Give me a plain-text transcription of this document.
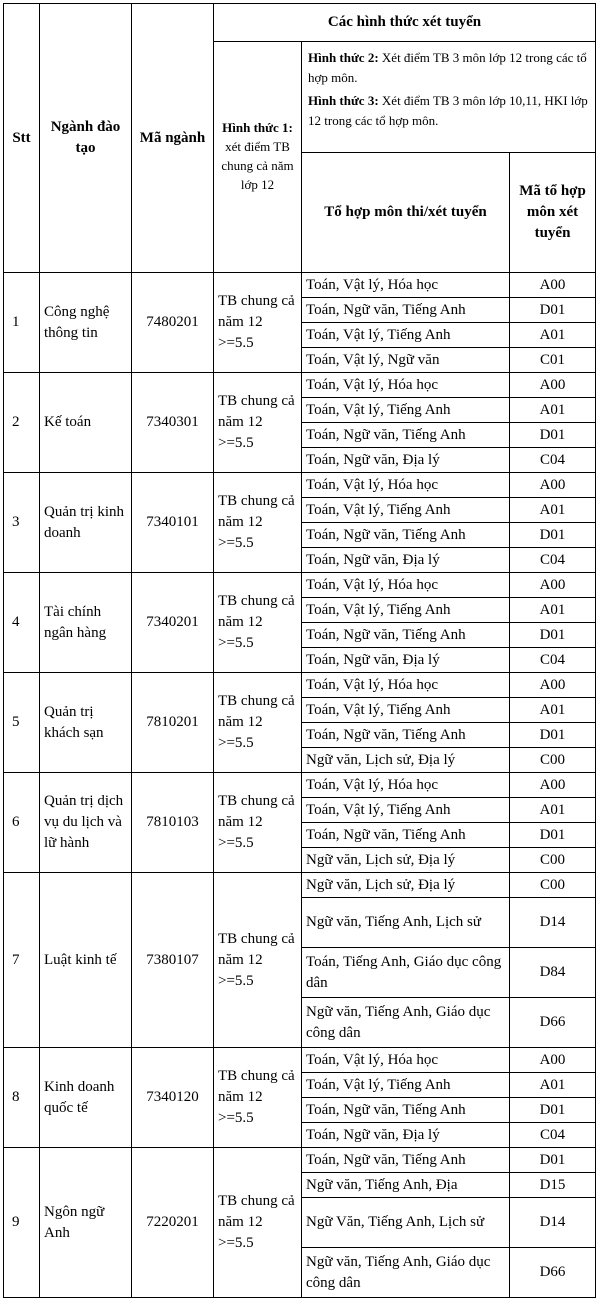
Stt	Ngành đào tạo	Mã ngành	Các hình thức xét tuyển		
			Hình thức 1: xét điểm TB chung cả năm lớp 12	Hình thức 2: Xét điểm TB 3 môn lớp 12 trong các tổ hợp môn.
Hình thức 3: Xét điểm TB 3 môn lớp 10,11, HKI lớp 12 trong các tổ hợp môn.	

				Tổ hợp môn thi/xét tuyển	Mã tổ hợp môn xét tuyển
1	Công nghệ thông tin	7480201	TB chung cả năm 12 >=5.5	Toán, Vật lý, Hóa học	A00
				Toán, Ngữ văn, Tiếng Anh	D01
				Toán, Vật lý, Tiếng Anh	A01
				Toán, Vật lý, Ngữ văn	C01
2	Kế toán	7340301	TB chung cả năm 12 >=5.5	Toán, Vật lý, Hóa học	A00
				Toán, Vật lý, Tiếng Anh	A01
				Toán, Ngữ văn, Tiếng Anh	D01
				Toán, Ngữ văn, Địa lý	C04
3	Quản trị kinh doanh	7340101	TB chung cả năm 12 >=5.5	Toán, Vật lý, Hóa học	A00
				Toán, Vật lý, Tiếng Anh	A01
				Toán, Ngữ văn, Tiếng Anh	D01
				Toán, Ngữ văn, Địa lý	C04
4	Tài chính ngân hàng	7340201	TB chung cả năm 12 >=5.5	Toán, Vật lý, Hóa học	A00
				Toán, Vật lý, Tiếng Anh	A01
				Toán, Ngữ văn, Tiếng Anh	D01
				Toán, Ngữ văn, Địa lý	C04
5	Quản trị khách sạn	7810201	TB chung cả năm 12 >=5.5	Toán, Vật lý, Hóa học	A00
				Toán, Vật lý, Tiếng Anh	A01
				Toán, Ngữ văn, Tiếng Anh	D01
				Ngữ văn, Lịch sử, Địa lý	C00
6	Quản trị dịch vụ du lịch và lữ hành	7810103	TB chung cả năm 12 >=5.5	Toán, Vật lý, Hóa học	A00
				Toán, Vật lý, Tiếng Anh	A01
				Toán, Ngữ văn, Tiếng Anh	D01
				Ngữ văn, Lịch sử, Địa lý	C00
7	Luật kinh tế	7380107	TB chung cả năm 12 >=5.5	Ngữ văn, Lịch sử, Địa lý	C00
				Ngữ văn, Tiếng Anh, Lịch sử	D14
				Toán, Tiếng Anh, Giáo dục công dân	D84
				Ngữ văn, Tiếng Anh, Giáo dục công dân	D66
8	Kinh doanh quốc tế	7340120	TB chung cả năm 12 >=5.5	Toán, Vật lý, Hóa học	A00
				Toán, Vật lý, Tiếng Anh	A01
				Toán, Ngữ văn, Tiếng Anh	D01
				Toán, Ngữ văn, Địa lý	C04
9	Ngôn ngữ Anh	7220201	TB chung cả năm 12 >=5.5	Toán, Ngữ văn, Tiếng Anh	D01
				Ngữ văn, Tiếng Anh, Địa	D15
				Ngữ Văn, Tiếng Anh, Lịch sử	D14
				Ngữ văn, Tiếng Anh, Giáo dục công dân	D66
